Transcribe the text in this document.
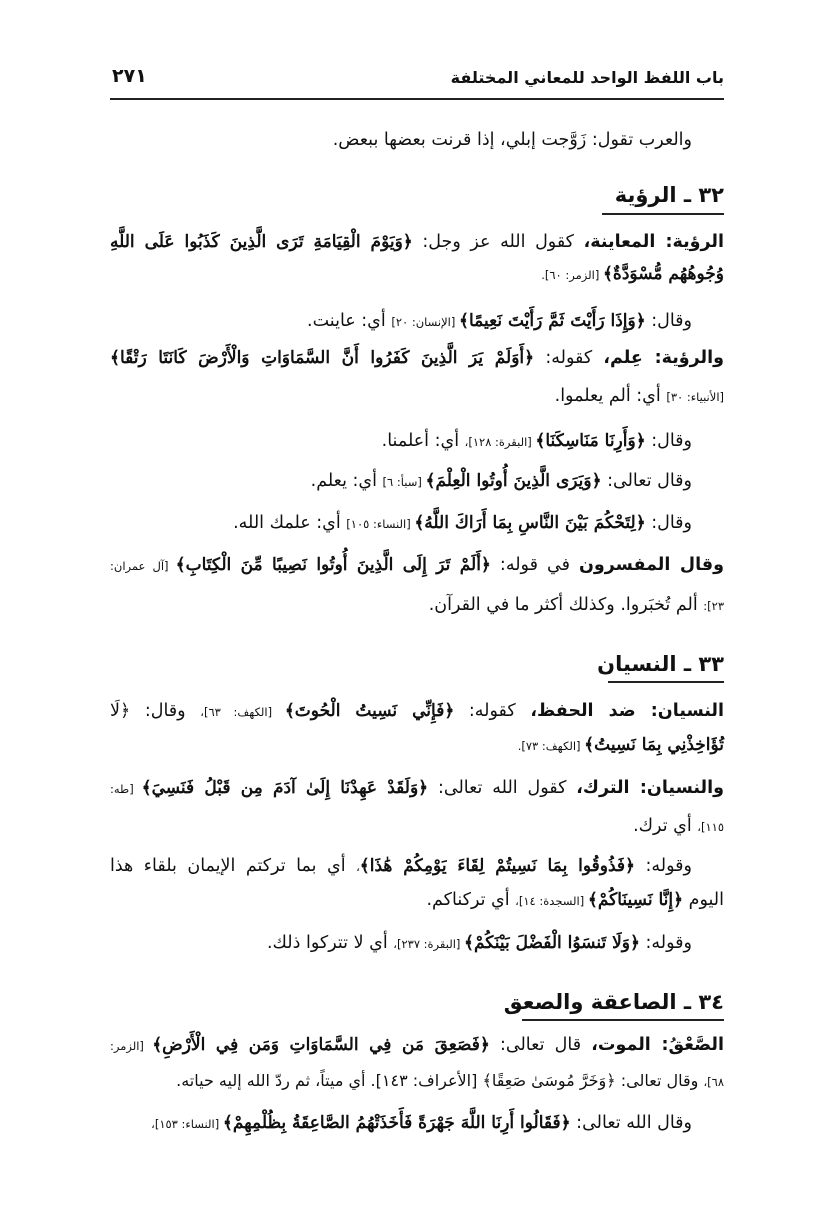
باب اللفظ الواحد للمعاني المختلفة
٢٧١
والعرب تقول: زَوَّجت إبلي، إذا قرنت بعضها ببعض.
٣٢ ـ الرؤية
الرؤية: المعاينة، كقول الله عز وجل: ﴿وَيَوْمَ الْقِيَامَةِ تَرَى الَّذِينَ كَذَبُوا عَلَى اللَّهِ
وُجُوهُهُم مُّسْوَدَّةٌ﴾ [الزمر: ٦٠].
وقال: ﴿وَإِذَا رَأَيْتَ ثَمَّ رَأَيْتَ نَعِيمًا﴾ [الإنسان: ٢٠] أي: عاينت.
والرؤية: عِلم، كقوله: ﴿أَوَلَمْ يَرَ الَّذِينَ كَفَرُوا أَنَّ السَّمَاوَاتِ وَالْأَرْضَ كَانَتَا رَتْقًا﴾
[الأنبياء: ٣٠] أي: ألم يعلموا.
وقال: ﴿وَأَرِنَا مَنَاسِكَنَا﴾ [البقرة: ١٢٨]، أي: أعلمنا.
وقال تعالى: ﴿وَيَرَى الَّذِينَ أُوتُوا الْعِلْمَ﴾ [سبأ: ٦] أي: يعلم.
وقال: ﴿لِتَحْكُمَ بَيْنَ النَّاسِ بِمَا أَرَاكَ اللَّهُ﴾ [النساء: ١٠٥] أي: علمك الله.
وقال المفسرون في قوله: ﴿أَلَمْ تَرَ إِلَى الَّذِينَ أُوتُوا نَصِيبًا مِّنَ الْكِتَابِ﴾ [آل عمران:
٢٣]: ألم تُخبَروا. وكذلك أكثر ما في القرآن.
٣٣ ـ النسيان
النسيان: ضد الحفظ، كقوله: ﴿فَإِنِّي نَسِيتُ الْحُوتَ﴾ [الكهف: ٦٣]، وقال: ﴿لَا
تُؤَاخِذْنِي بِمَا نَسِيتُ﴾ [الكهف: ٧٣].
والنسيان: الترك، كقول الله تعالى: ﴿وَلَقَدْ عَهِدْنَا إِلَىٰ آدَمَ مِن قَبْلُ فَنَسِيَ﴾ [طه:
١١٥]، أي ترك.
وقوله: ﴿فَذُوقُوا بِمَا نَسِيتُمْ لِقَاءَ يَوْمِكُمْ هَٰذَا﴾، أي بما تركتم الإيمان بلقاء هذا
اليوم ﴿إِنَّا نَسِينَاكُمْ﴾ [السجدة: ١٤]، أي تركناكم.
وقوله: ﴿وَلَا تَنسَوُا الْفَضْلَ بَيْنَكُمْ﴾ [البقرة: ٢٣٧]، أي لا تتركوا ذلك.
٣٤ ـ الصاعقة والصعق
الصَّعْقُ: الموت، قال تعالى: ﴿فَصَعِقَ مَن فِي السَّمَاوَاتِ وَمَن فِي الْأَرْضِ﴾ [الزمر:
٦٨]، وقال تعالى: ﴿وَخَرَّ مُوسَىٰ صَعِقًا﴾ [الأعراف: ١٤٣]. أي ميتاً، ثم ردّ الله إليه حياته.
وقال الله تعالى: ﴿فَقَالُوا أَرِنَا اللَّهَ جَهْرَةً فَأَخَذَتْهُمُ الصَّاعِقَةُ بِظُلْمِهِمْ﴾ [النساء: ١٥٣]،
